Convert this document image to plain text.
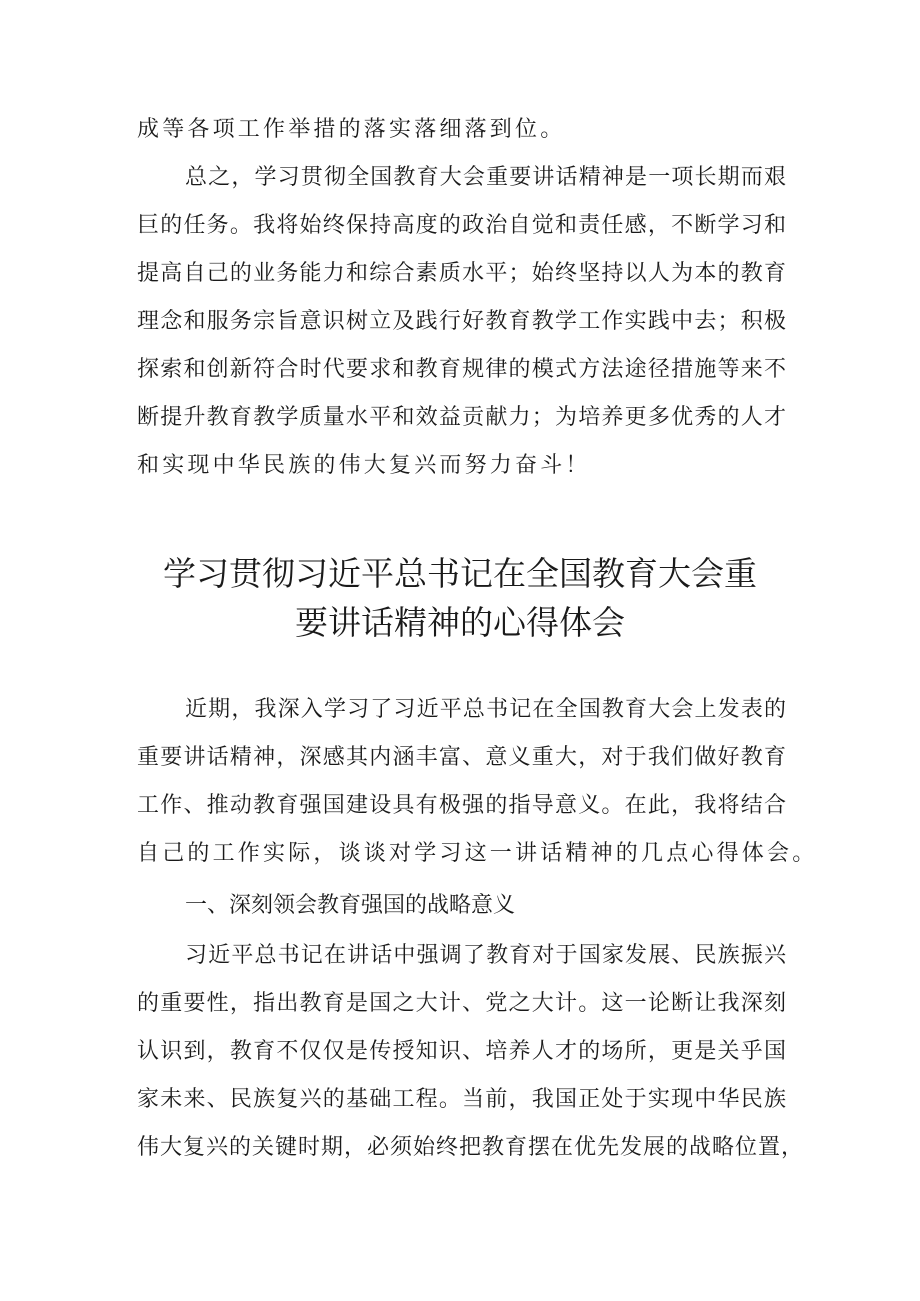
成等各项工作举措的落实落细落到位。
总之，学习贯彻全国教育大会重要讲话精神是一项长期而艰
巨的任务。我将始终保持高度的政治自觉和责任感，不断学习和
提高自己的业务能力和综合素质水平；始终坚持以人为本的教育
理念和服务宗旨意识树立及践行好教育教学工作实践中去；积极
探索和创新符合时代要求和教育规律的模式方法途径措施等来不
断提升教育教学质量水平和效益贡献力；为培养更多优秀的人才
和实现中华民族的伟大复兴而努力奋斗！
学习贯彻习近平总书记在全国教育大会重
要讲话精神的心得体会
近期，我深入学习了习近平总书记在全国教育大会上发表的
重要讲话精神，深感其内涵丰富、意义重大，对于我们做好教育
工作、推动教育强国建设具有极强的指导意义。在此，我将结合
自己的工作实际，谈谈对学习这一讲话精神的几点心得体会。
一、深刻领会教育强国的战略意义
习近平总书记在讲话中强调了教育对于国家发展、民族振兴
的重要性，指出教育是国之大计、党之大计。这一论断让我深刻
认识到，教育不仅仅是传授知识、培养人才的场所，更是关乎国
家未来、民族复兴的基础工程。当前，我国正处于实现中华民族
伟大复兴的关键时期，必须始终把教育摆在优先发展的战略位置，
